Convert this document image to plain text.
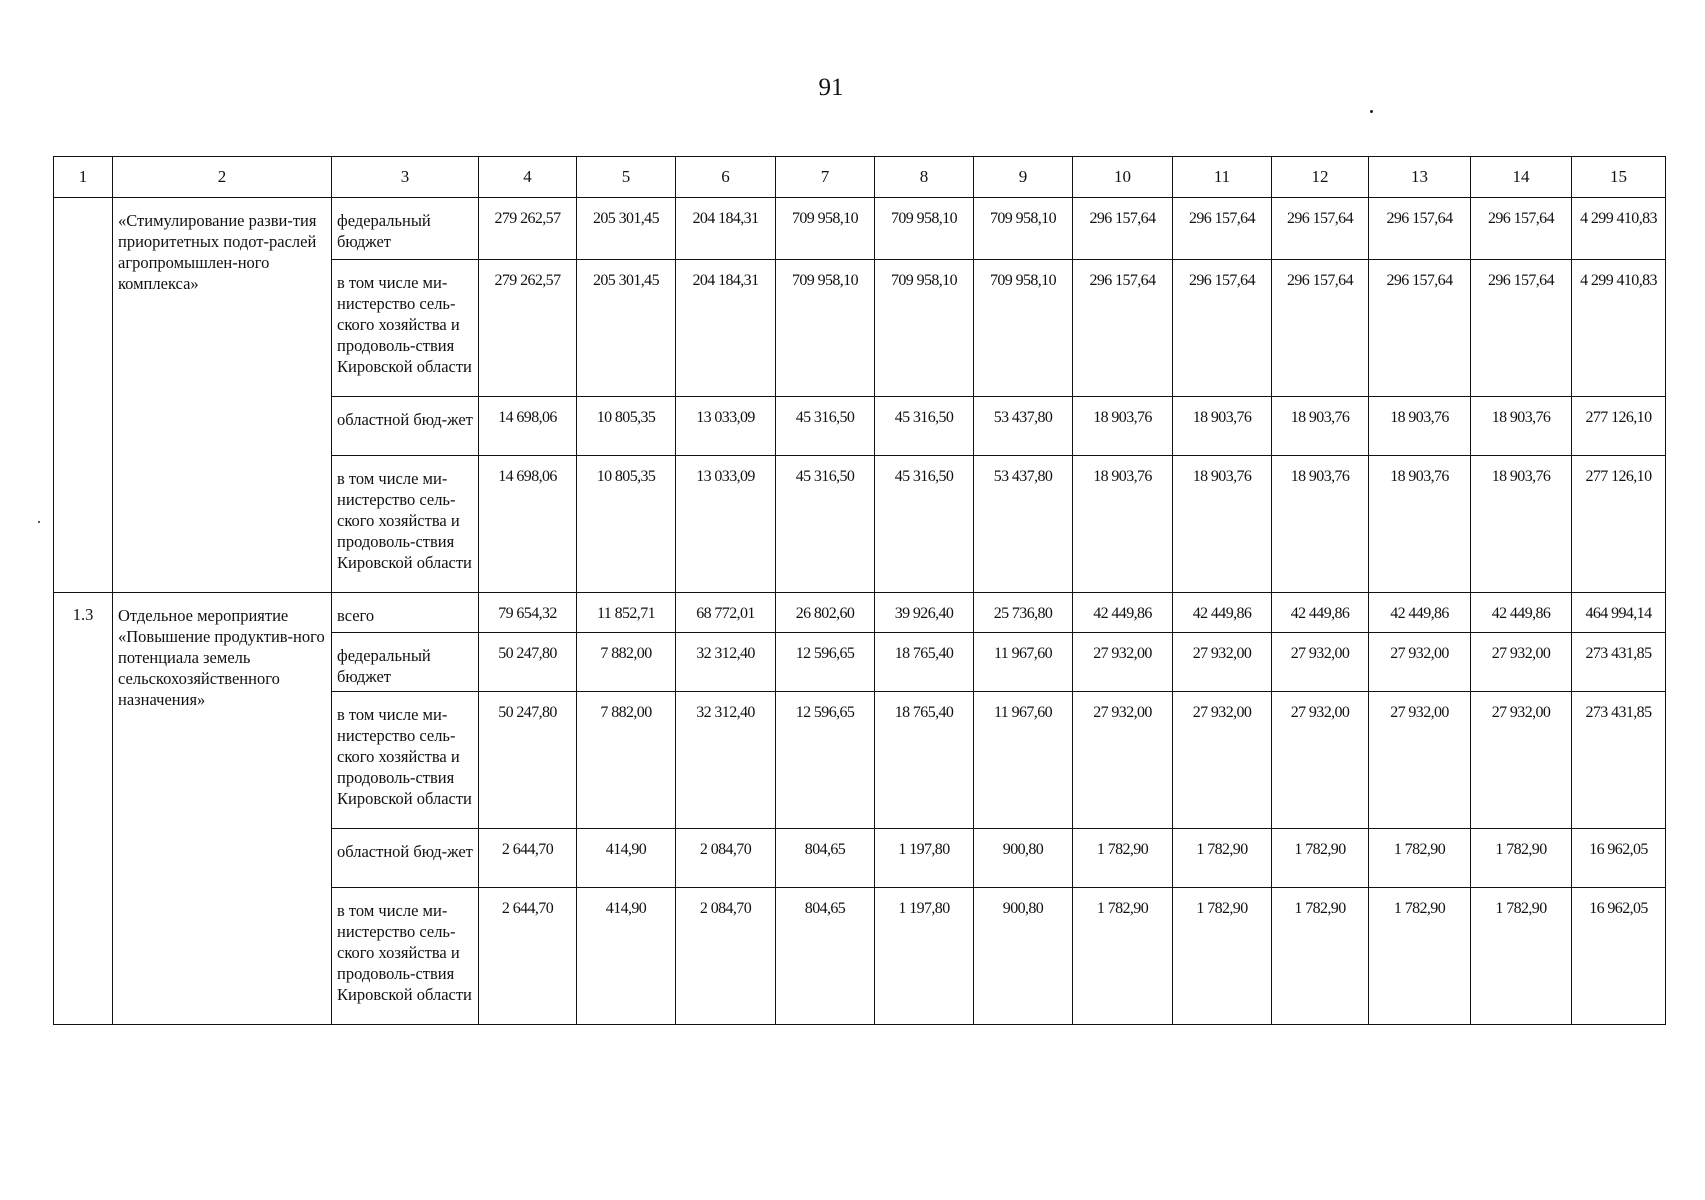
91
1	2	3	4	5	6	7	8	9	10	11	12	13	14	15
	«Стимулирование разви-тия приоритетных подот-раслей агропромышлен-ного комплекса»	федеральный бюджет	279 262,57	205 301,45	204 184,31	709 958,10	709 958,10	709 958,10	296 157,64	296 157,64	296 157,64	296 157,64	296 157,64	4 299 410,83
		в том числе ми-нистерство сель-ского хозяйства и продоволь-ствия Кировской области	279 262,57	205 301,45	204 184,31	709 958,10	709 958,10	709 958,10	296 157,64	296 157,64	296 157,64	296 157,64	296 157,64	4 299 410,83
		областной бюд-жет	14 698,06	10 805,35	13 033,09	45 316,50	45 316,50	53 437,80	18 903,76	18 903,76	18 903,76	18 903,76	18 903,76	277 126,10
		в том числе ми-нистерство сель-ского хозяйства и продоволь-ствия Кировской области	14 698,06	10 805,35	13 033,09	45 316,50	45 316,50	53 437,80	18 903,76	18 903,76	18 903,76	18 903,76	18 903,76	277 126,10
1.3	Отдельное мероприятие «Повышение продуктив-ного потенциала земель сельскохозяйственного назначения»	всего	79 654,32	11 852,71	68 772,01	26 802,60	39 926,40	25 736,80	42 449,86	42 449,86	42 449,86	42 449,86	42 449,86	464 994,14
		федеральный бюджет	50 247,80	7 882,00	32 312,40	12 596,65	18 765,40	11 967,60	27 932,00	27 932,00	27 932,00	27 932,00	27 932,00	273 431,85
		в том числе ми-нистерство сель-ского хозяйства и продоволь-ствия Кировской области	50 247,80	7 882,00	32 312,40	12 596,65	18 765,40	11 967,60	27 932,00	27 932,00	27 932,00	27 932,00	27 932,00	273 431,85
		областной бюд-жет	2 644,70	414,90	2 084,70	804,65	1 197,80	900,80	1 782,90	1 782,90	1 782,90	1 782,90	1 782,90	16 962,05
		в том числе ми-нистерство сель-ского хозяйства и продоволь-ствия Кировской области	2 644,70	414,90	2 084,70	804,65	1 197,80	900,80	1 782,90	1 782,90	1 782,90	1 782,90	1 782,90	16 962,05
